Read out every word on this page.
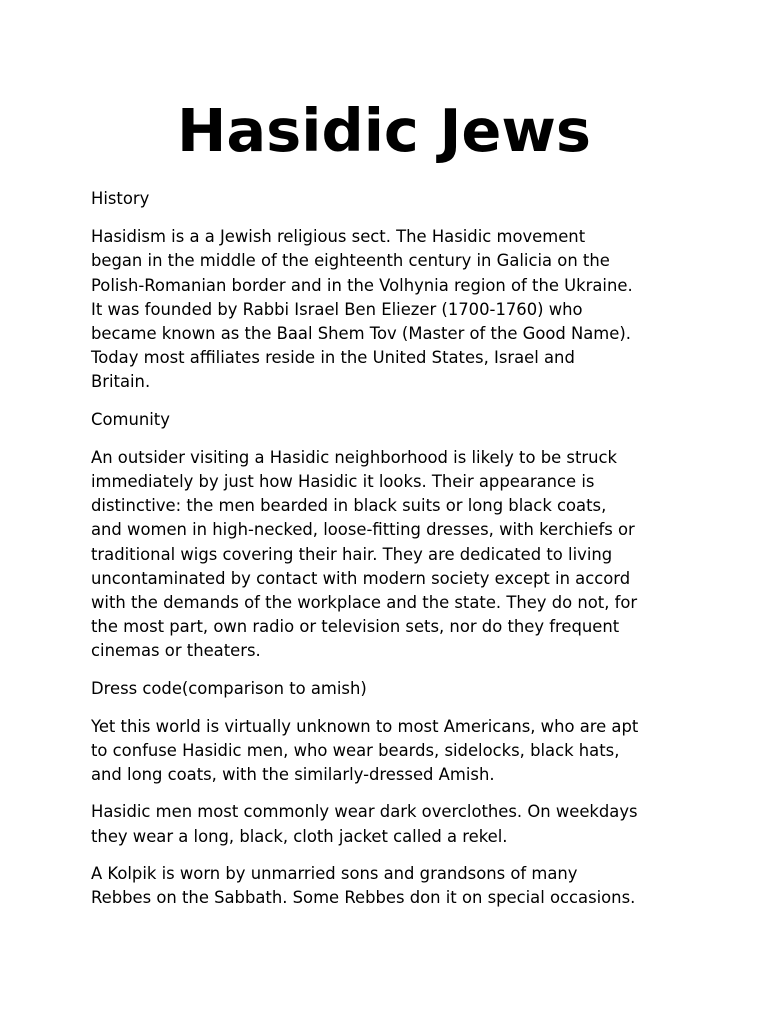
Hasidic Jews

History

Hasidism is a a Jewish religious sect. The Hasidic movement
began in the middle of the eighteenth century in Galicia on the
Polish-Romanian border and in the Volhynia region of the Ukraine.
It was founded by Rabbi Israel Ben Eliezer (1700-1760) who
became known as the Baal Shem Tov (Master of the Good Name).
Today most affiliates reside in the United States, Israel and
Britain.

Comunity

An outsider visiting a Hasidic neighborhood is likely to be struck
immediately by just how Hasidic it looks. Their appearance is
distinctive: the men bearded in black suits or long black coats,
and women in high-necked, loose-fitting dresses, with kerchiefs or
traditional wigs covering their hair. They are dedicated to living
uncontaminated by contact with modern society except in accord
with the demands of the workplace and the state. They do not, for
the most part, own radio or television sets, nor do they frequent
cinemas or theaters.

Dress code(comparison to amish)

Yet this world is virtually unknown to most Americans, who are apt
to confuse Hasidic men, who wear beards, sidelocks, black hats,
and long coats, with the similarly-dressed Amish.

Hasidic men most commonly wear dark overclothes. On weekdays
they wear a long, black, cloth jacket called a rekel.

A Kolpik is worn by unmarried sons and grandsons of many
Rebbes on the Sabbath. Some Rebbes don it on special occasions.
